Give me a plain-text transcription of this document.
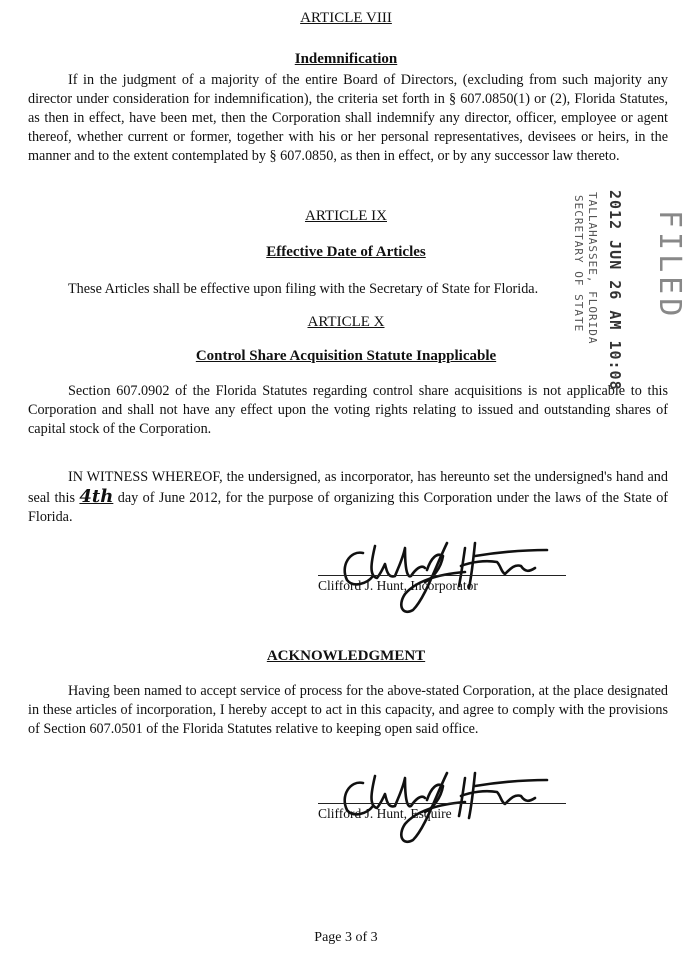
ARTICLE VIII
Indemnification
If in the judgment of a majority of the entire Board of Directors, (excluding from such majority any director under consideration for indemnification), the criteria set forth in § 607.0850(1) or (2), Florida Statutes, as then in effect, have been met, then the Corporation shall indemnify any director, officer, employee or agent thereof, whether current or former, together with his or her personal representatives, devisees or heirs, in the manner and to the extent contemplated by § 607.0850, as then in effect, or by any successor law thereto.
ARTICLE IX
Effective Date of Articles
These Articles shall be effective upon filing with the Secretary of State for Florida.
ARTICLE X
Control Share Acquisition Statute Inapplicable
Section 607.0902 of the Florida Statutes regarding control share acquisitions is not applicable to this Corporation and shall not have any effect upon the voting rights relating to issued and outstanding shares of capital stock of the Corporation.
IN WITNESS WHEREOF, the undersigned, as incorporator, has hereunto set the undersigned's hand and seal this 4th day of June 2012, for the purpose of organizing this Corporation under the laws of the State of Florida.
Clifford J. Hunt, Incorporator
ACKNOWLEDGMENT
Having been named to accept service of process for the above-stated Corporation, at the place designated in these articles of incorporation, I hereby accept to act in this capacity, and agree to comply with the provisions of Section 607.0501 of the Florida Statutes relative to keeping open said office.
Clifford J. Hunt, Esquire
SECRETARY OF STATE TALLAHASSEE, FLORIDA 2012 JUN 26 AM 10:08 FILED
Page 3 of 3
